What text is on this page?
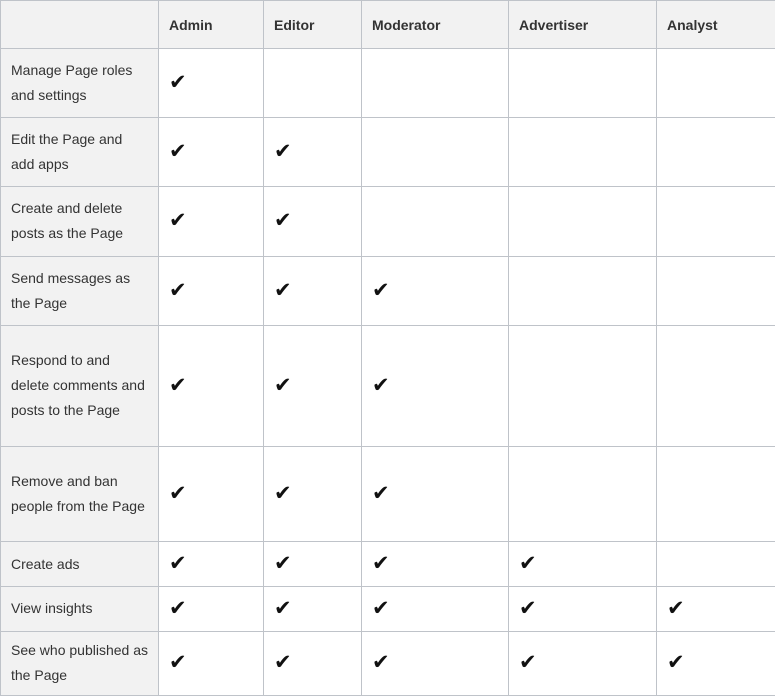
	Admin	Editor	Moderator	Advertiser	Analyst
Manage Page roles and settings	✔				
Edit the Page and add apps	✔	✔			
Create and delete posts as the Page	✔	✔			
Send messages as the Page	✔	✔	✔		
Respond to and delete comments and posts to the Page	✔	✔	✔		
Remove and ban people from the Page	✔	✔	✔		
Create ads	✔	✔	✔	✔	
View insights	✔	✔	✔	✔	✔
See who published as the Page	✔	✔	✔	✔	✔
